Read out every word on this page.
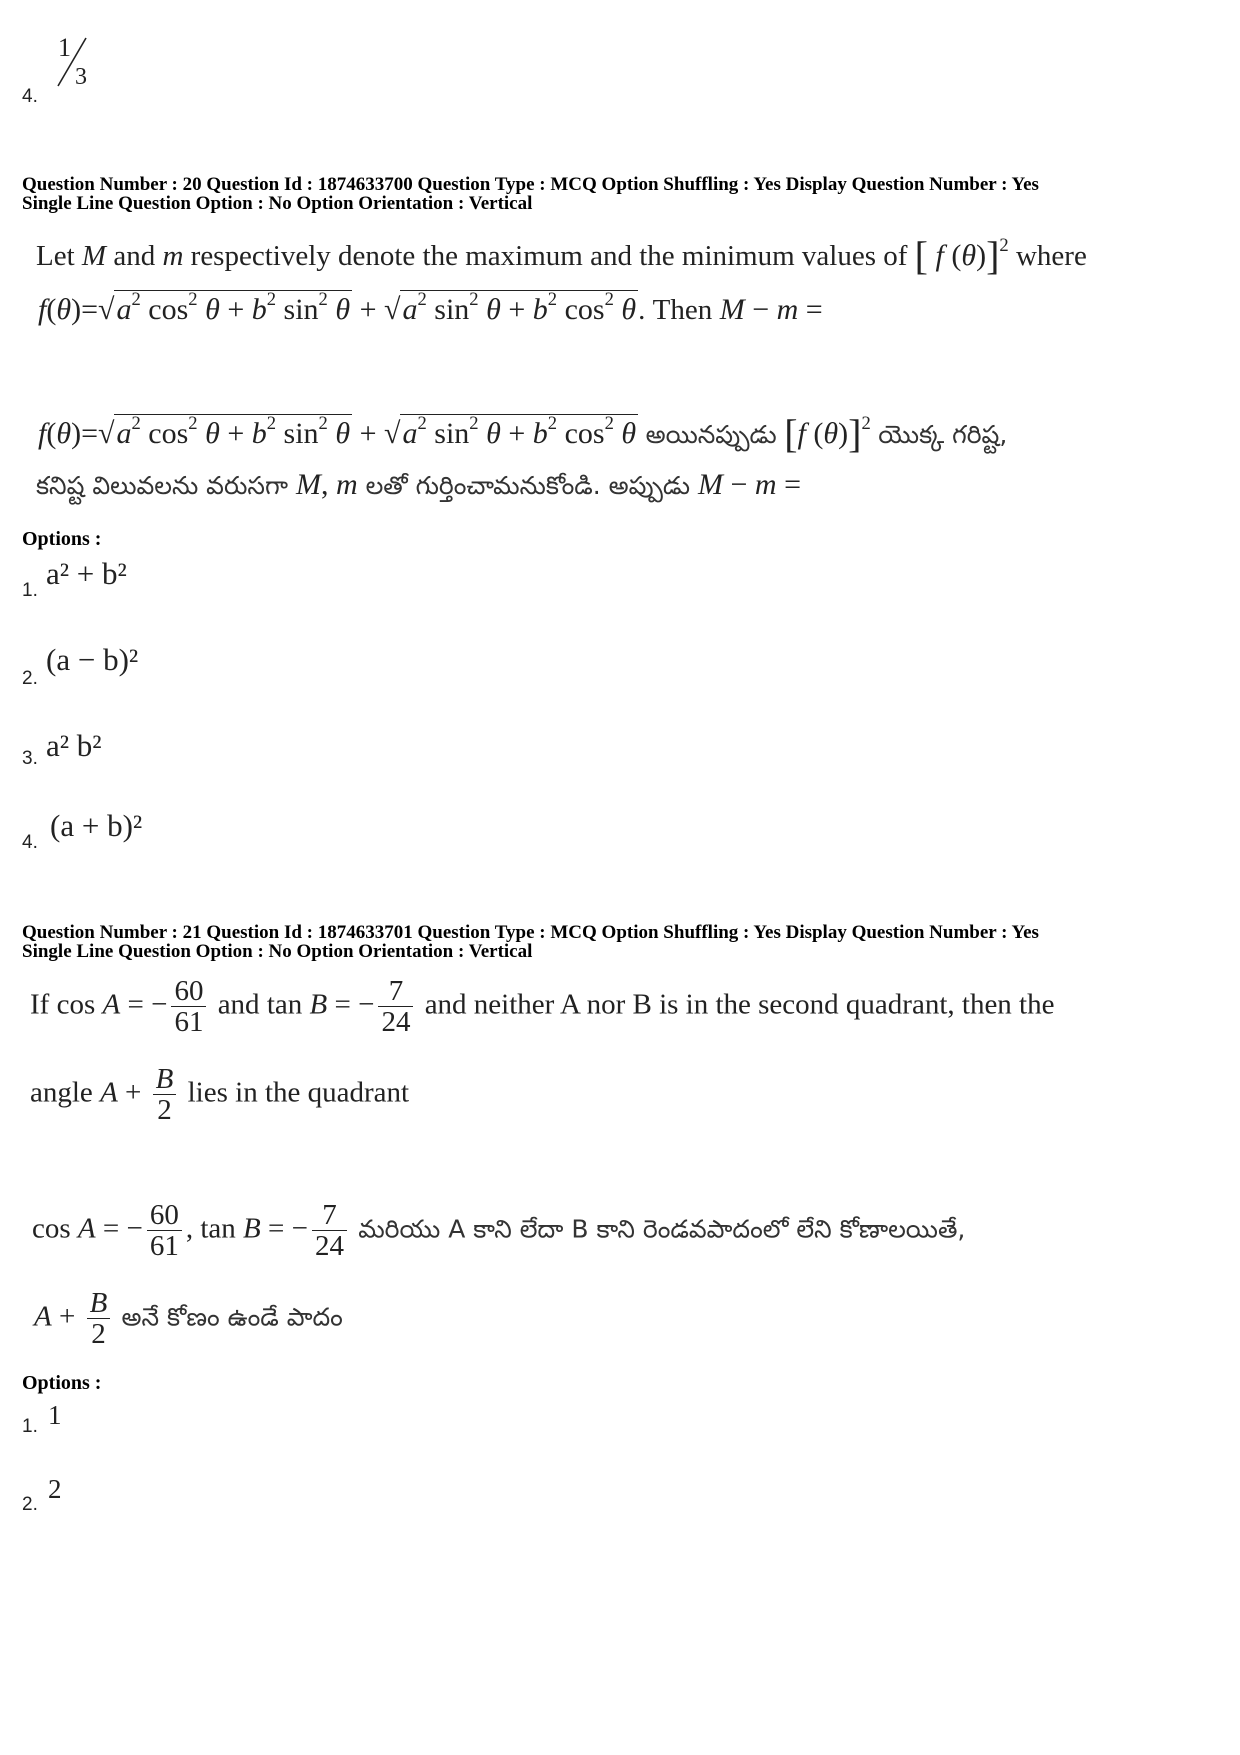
4.
1
3
Question Number : 20 Question Id : 1874633700 Question Type : MCQ Option Shuffling : Yes Display Question Number : Yes
Single Line Question Option : No Option Orientation : Vertical
Let M and m respectively denote the maximum and the minimum values of [ f (θ)]$^2$ where
$f(\theta)=√a^2$ $\cos^2 \theta + b^2$ $\sin^2 \theta + √a^2$ $\sin^2 \theta + b^2$ $\cos^2 \theta$. Then M − m =
$f(\theta)=√a^2$ $\cos^2 \theta + b^2$ $\sin^2 \theta + √a^2$ $\sin^2 \theta + b^2$ $\cos^2 \theta$ అయినప్పుడు [f (θ)]$^2$ యొక్క గరిష్ట,
కనిష్ట విలువలను వరుసగా M, m లతో గుర్తించామనుకోండి. అప్పుడు M − m =
Options :
1. a² + b²
2.
(a − b)²
3. a² b²
4. (a + b)²
Question Number : 21 Question Id : 1874633701 Question Type : MCQ Option Shuffling : Yes Display Question Number : Yes
Single Line Question Option : No Option Orientation : Vertical
If cos A = − $\frac{60}{61}$ and tan B = − $\frac{7}{24}$ and neither A nor B is in the second quadrant, then the
angle $A + \frac{B}{2}$ lies in the quadrant
cos A = − $\frac{60}{61}$ , tan B = − $\frac{7}{24}$ మరియు A కాని లేదా B కాని రెండవపాదంలో లేని కోణాలయితే,
$A + \frac{B}{2}$ అనే కోణం ఉండే పాదం
Options :
1. 1
2.
2
